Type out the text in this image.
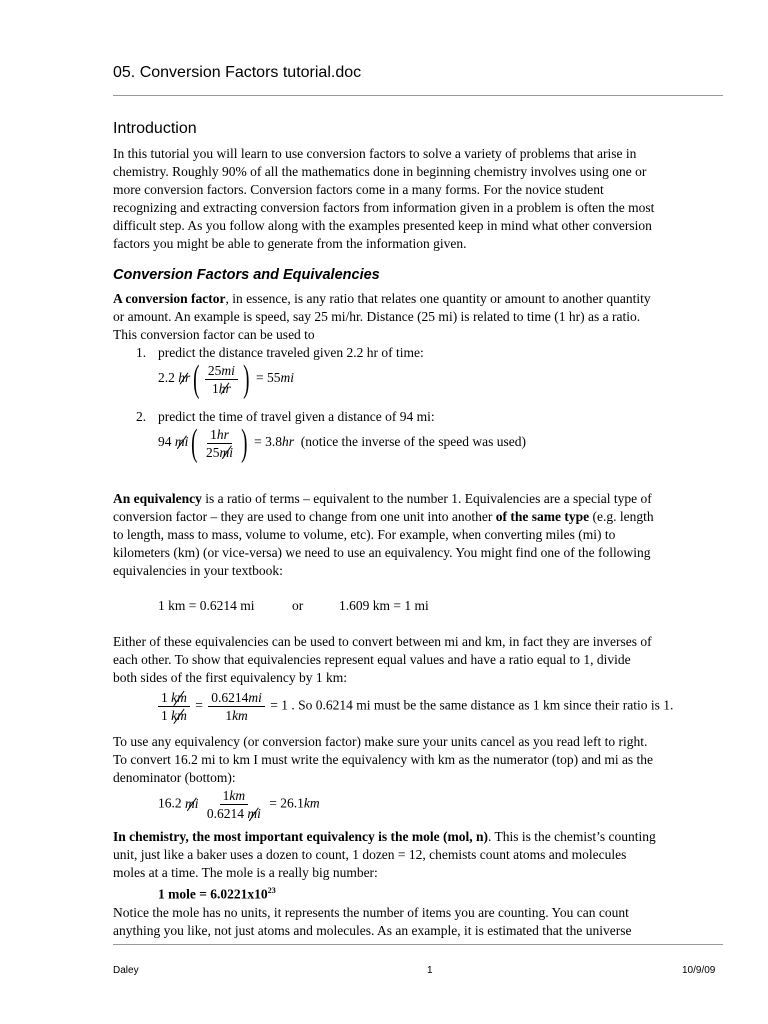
05. Conversion Factors tutorial.doc
Introduction
In this tutorial you will learn to use conversion factors to solve a variety of problems that arise in
chemistry. Roughly 90% of all the mathematics done in beginning chemistry involves using one or
more conversion factors. Conversion factors come in a many forms. For the novice student
recognizing and extracting conversion factors from information given in a problem is often the most
difficult step. As you follow along with the examples presented keep in mind what other conversion
factors you might be able to generate from the information given.
Conversion Factors and Equivalencies
A conversion factor, in essence, is any ratio that relates one quantity or amount to another quantity
or amount. An example is speed, say 25 mi/hr. Distance (25 mi) is related to time (1 hr) as a ratio.
This conversion factor can be used to
1. predict the distance traveled given 2.2 hr of time:
2.2 $hr( \frac{25mi}{1hr}$ ) = 55mi
2. predict the time of travel given a distance of 94 mi:
94 $mi( \frac{1hr}{25mi}$ ) = 3.8hr (notice the inverse of the speed was used)
An equivalency is a ratio of terms – equivalent to the number 1. Equivalencies are a special type of
conversion factor – they are used to change from one unit into another of the same type (e.g. length
to length, mass to mass, volume to volume, etc). For example, when converting miles (mi) to
kilometers (km) (or vice-versa) we need to use an equivalency. You might find one of the following
equivalencies in your textbook:
1 km = 0.6214 mi	or	1.609 km = 1 mi
Either of these equivalencies can be used to convert between mi and km, in fact they are inverses of
each other. To show that equivalencies represent equal values and have a ratio equal to 1, divide
both sides of the first equivalency by 1 km:
$\frac{1 km}{1 km} = \frac{0.6214mi}{1km} = 1$ . So 0.6214 mi must be the same distance as 1 km since their ratio is 1.
To use any equivalency (or conversion factor) make sure your units cancel as you read left to right.
To convert 16.2 mi to km I must write the equivalency with km as the numerator (top) and mi as the
denominator (bottom):
16.2 mi $\frac{1km}{0.6214 mi} = 26.1km$
In chemistry, the most important equivalency is the mole (mol, n). This is the chemist’s counting
unit, just like a baker uses a dozen to count, 1 dozen = 12, chemists count atoms and molecules
moles at a time. The mole is a really big number:
1 mole = $6.0221x10^{23}$
Notice the mole has no units, it represents the number of items you are counting. You can count
anything you like, not just atoms and molecules. As an example, it is estimated that the universe
Daley	1	10/9/09
